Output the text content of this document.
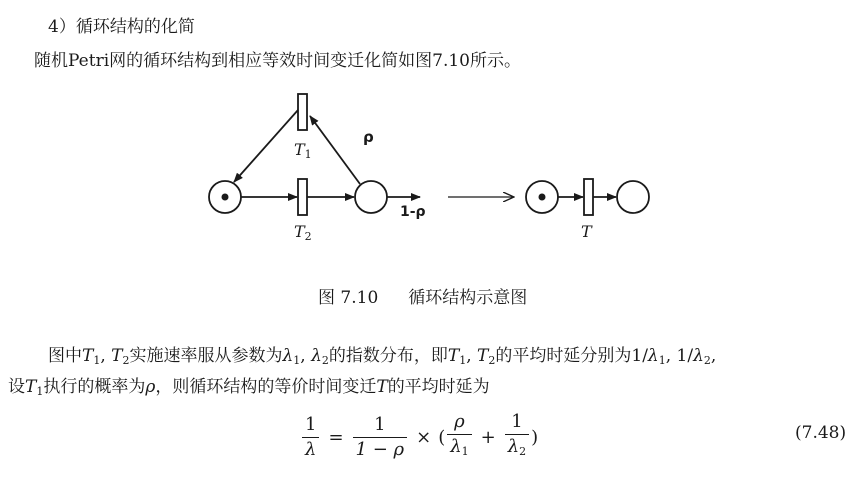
4）循环结构的化简
随机Petri网的循环结构到相应等效时间变迁化简如图7.10所示。
$T_1$
ρ
1-ρ
$T_2$	T
图 7.10 循环结构示意图
图中$T_1$, $T_2$实施速率服从参数为$\lambda_1$, $\lambda_2$的指数分布，即$T_1$, $T_2$的平均时延分别为$1/\lambda_1$, $1/\lambda_2$,
设$T_1$执行的概率为ρ，则循环结构的等价时间变迁T的平均时延为
$\frac{1}{\lambda} = \frac{1}{1 - \rho}$ × ( $\frac{\rho}{\lambda_1} + \frac{1}{\lambda_2}$ )	(7.48)
